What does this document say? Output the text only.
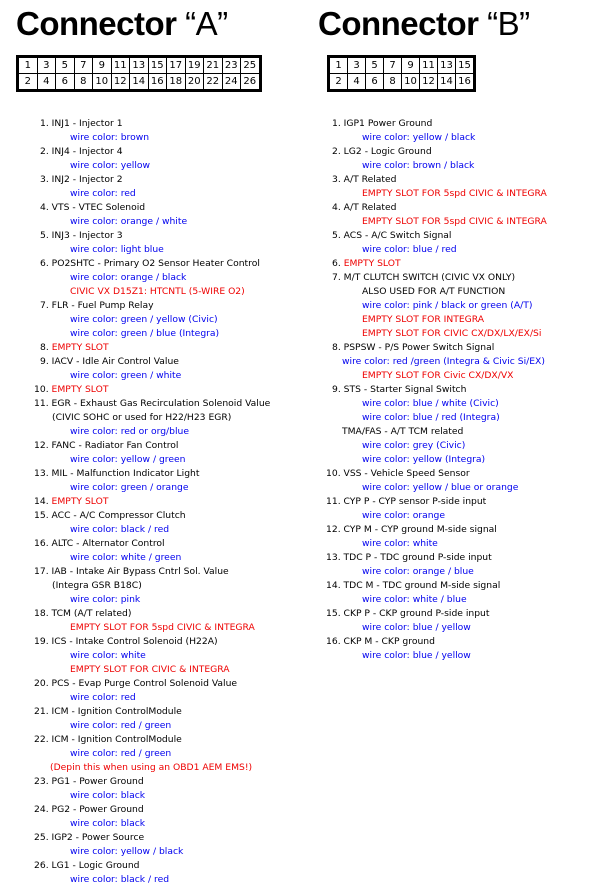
Connector “A”	Connector “B”
1	3	5	7	9	11	13	15	17	19	21	23	25
2	4	6	8	10	12	14	16	18	20	22	24	26
1	3	5	7	9	11	13	15
2	4	6	8	10	12	14	16
1. INJ1 - Injector 1
wire color: brown
2. INJ4 - Injector 4
wire color: yellow
3. INJ2 - Injector 2
wire color: red
4. VTS - VTEC Solenoid
wire color: orange / white
5. INJ3 - Injector 3
wire color: light blue
6. PO2SHTC - Primary O2 Sensor Heater Control
wire color: orange / black
CIVIC VX D15Z1: HTCNTL (5-WIRE O2)
7. FLR - Fuel Pump Relay
wire color: green / yellow (Civic)
wire color: green / blue (Integra)
8. EMPTY SLOT
9. IACV - Idle Air Control Value
wire color: green / white
10. EMPTY SLOT
11. EGR - Exhaust Gas Recirculation Solenoid Value
(CIVIC SOHC or used for H22/H23 EGR)
wire color: red or org/blue
12. FANC - Radiator Fan Control
wire color: yellow / green
13. MIL - Malfunction Indicator Light
wire color: green / orange
14. EMPTY SLOT
15. ACC - A/C Compressor Clutch
wire color: black / red
16. ALTC - Alternator Control
wire color: white / green
17. IAB - Intake Air Bypass Cntrl Sol. Value
(Integra GSR B18C)
wire color: pink
18. TCM (A/T related)
EMPTY SLOT FOR 5spd CIVIC & INTEGRA
19. ICS - Intake Control Solenoid (H22A)
wire color: white
EMPTY SLOT FOR CIVIC & INTEGRA
20. PCS - Evap Purge Control Solenoid Value
wire color: red
21. ICM - Ignition ControlModule
wire color: red / green
22. ICM - Ignition ControlModule
wire color: red / green
(Depin this when using an OBD1 AEM EMS!)
23. PG1 - Power Ground
wire color: black
24. PG2 - Power Ground
wire color: black
25. IGP2 - Power Source
wire color: yellow / black
26. LG1 - Logic Ground
wire color: black / red
1. IGP1 Power Ground
wire color: yellow / black
2. LG2 - Logic Ground
wire color: brown / black
3. A/T Related
EMPTY SLOT FOR 5spd CIVIC & INTEGRA
4. A/T Related
EMPTY SLOT FOR 5spd CIVIC & INTEGRA
5. ACS - A/C Switch Signal
wire color: blue / red
6. EMPTY SLOT
7. M/T CLUTCH SWITCH (CIVIC VX ONLY)
ALSO USED FOR A/T FUNCTION
wire color: pink / black or green (A/T)
EMPTY SLOT FOR INTEGRA
EMPTY SLOT FOR CIVIC CX/DX/LX/EX/Si
8. PSPSW - P/S Power Switch Signal
wire color: red /green (Integra & Civic Si/EX)
EMPTY SLOT FOR Civic CX/DX/VX
9. STS - Starter Signal Switch
wire color: blue / white (Civic)
wire color: blue / red (Integra)
TMA/FAS - A/T TCM related
wire color: grey (Civic)
wire color: yellow (Integra)
10. VSS - Vehicle Speed Sensor
wire color: yellow / blue or orange
11. CYP P - CYP sensor P-side input
wire color: orange
12. CYP M - CYP ground M-side signal
wire color: white
13. TDC P - TDC ground P-side input
wire color: orange / blue
14. TDC M - TDC ground M-side signal
wire color: white / blue
15. CKP P - CKP ground P-side input
wire color: blue / yellow
16. CKP M - CKP ground
wire color: blue / yellow
